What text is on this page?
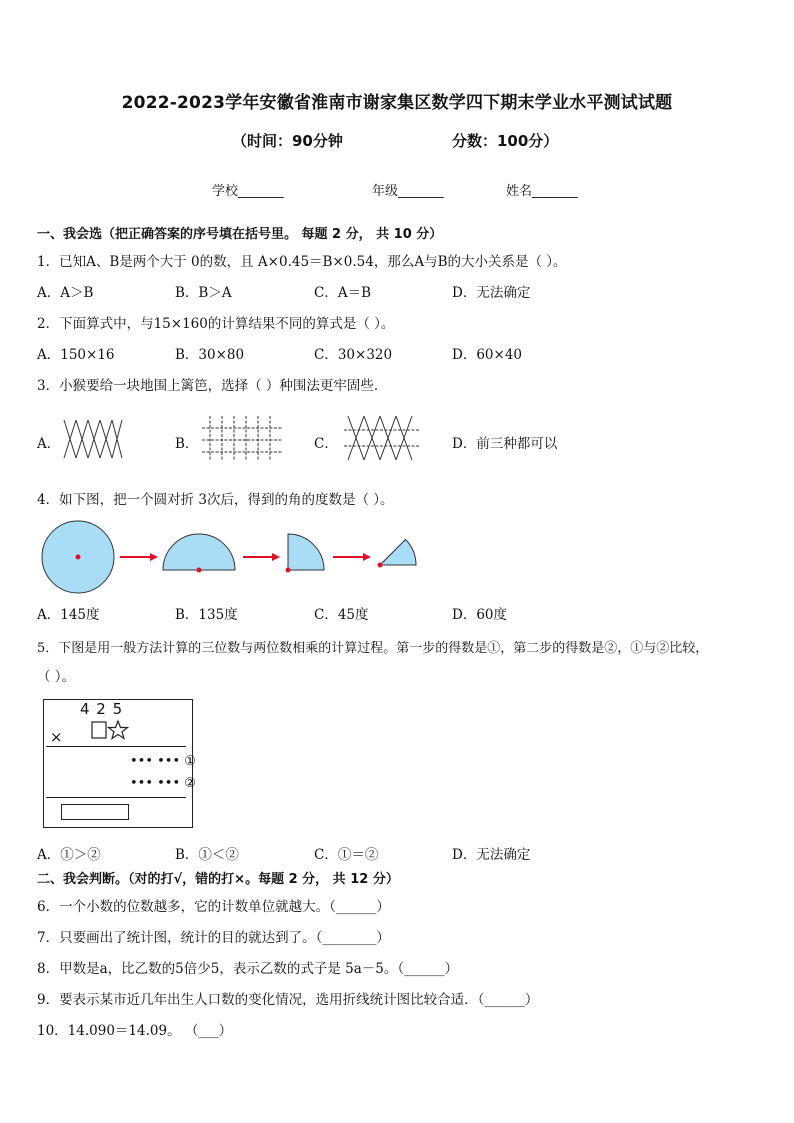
2022-2023学年安徽省淮南市谢家集区数学四下期末学业水平测试试题
（时间：90分钟	分数：100分）
学校_______	年级_______	姓名_______
一、我会选（把正确答案的序号填在括号里。 每题 2 分， 共 10 分）
1．已知A、B是两个大于 0的数，且 A×0.45＝B×0.54，那么A与B的大小关系是（ ）。
A．A＞B	B．B＞A	C．A＝B	D．无法确定
2．下面算式中，与15×160的计算结果不同的算式是（ ）。
A．150×16	B．30×80	C．30×320	D．60×40
3．小猴要给一块地围上篱笆，选择（ ）种围法更牢固些．
A．	B．	C．	D．前三种都可以
4．如下图，把一个圆对折 3次后，得到的角的度数是（ ）。
A．145度	B．135度	C．45度	D．60度
5．下图是用一般方法计算的三位数与两位数相乘的计算过程。第一步的得数是①，第二步的得数是②，①与②比较，
（ ）。
4 2 5
×
••• ••• ①
••• ••• ②
A．①＞②	B．①＜②	C．①＝②	D．无法确定
二、我会判断。（对的打√，错的打×。每题 2 分， 共 12 分）
6．一个小数的位数越多，它的计数单位就越大。（______）
7．只要画出了统计图，统计的目的就达到了。（________）
8．甲数是a，比乙数的5倍少5，表示乙数的式子是 5a－5。（______）
9．要表示某市近几年出生人口数的变化情况，选用折线统计图比较合适．（______）
10．14.090＝14.09。 （___）
